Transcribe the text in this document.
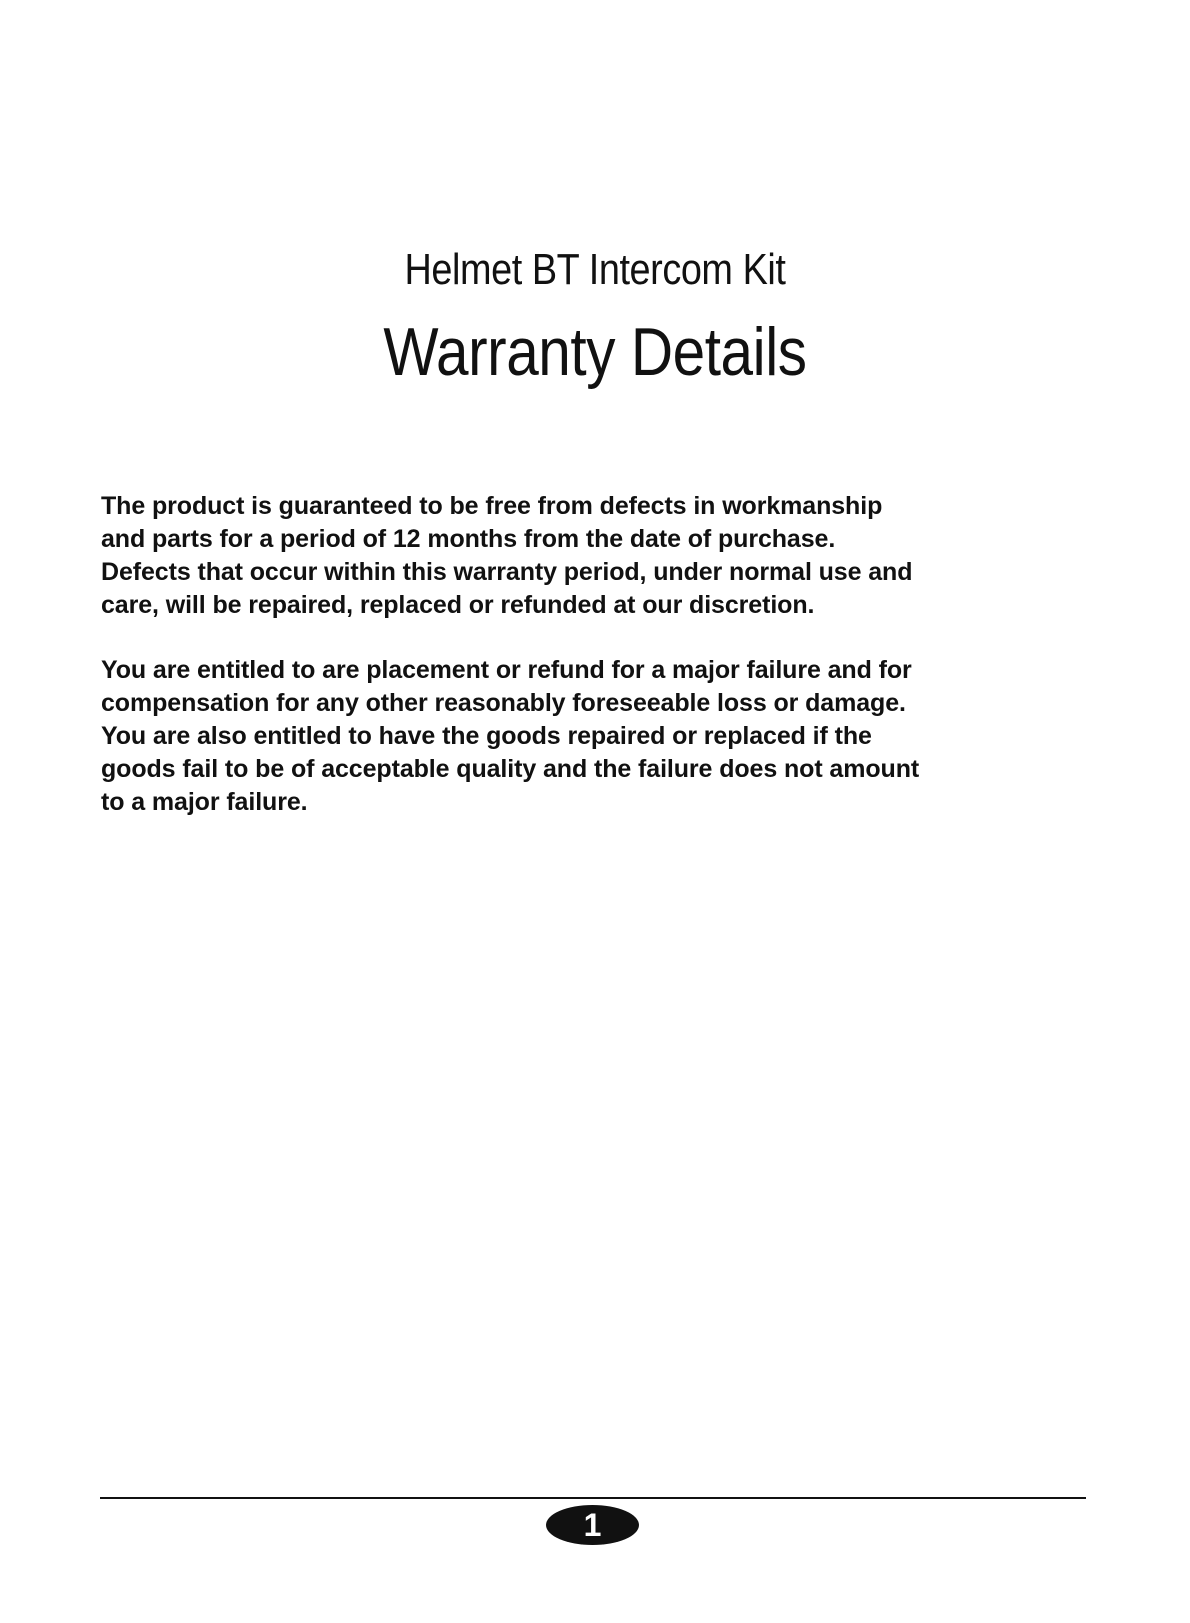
Helmet BT Intercom Kit
Warranty Details

The product is guaranteed to be free from defects in workmanship
and parts for a period of 12 months from the date of purchase.
Defects that occur within this warranty period, under normal use and
care, will be repaired, replaced or refunded at our discretion.

You are entitled to are placement or refund for a major failure and for
compensation for any other reasonably foreseeable loss or damage.
You are also entitled to have the goods repaired or replaced if the
goods fail to be of acceptable quality and the failure does not amount
to a major failure.

1
